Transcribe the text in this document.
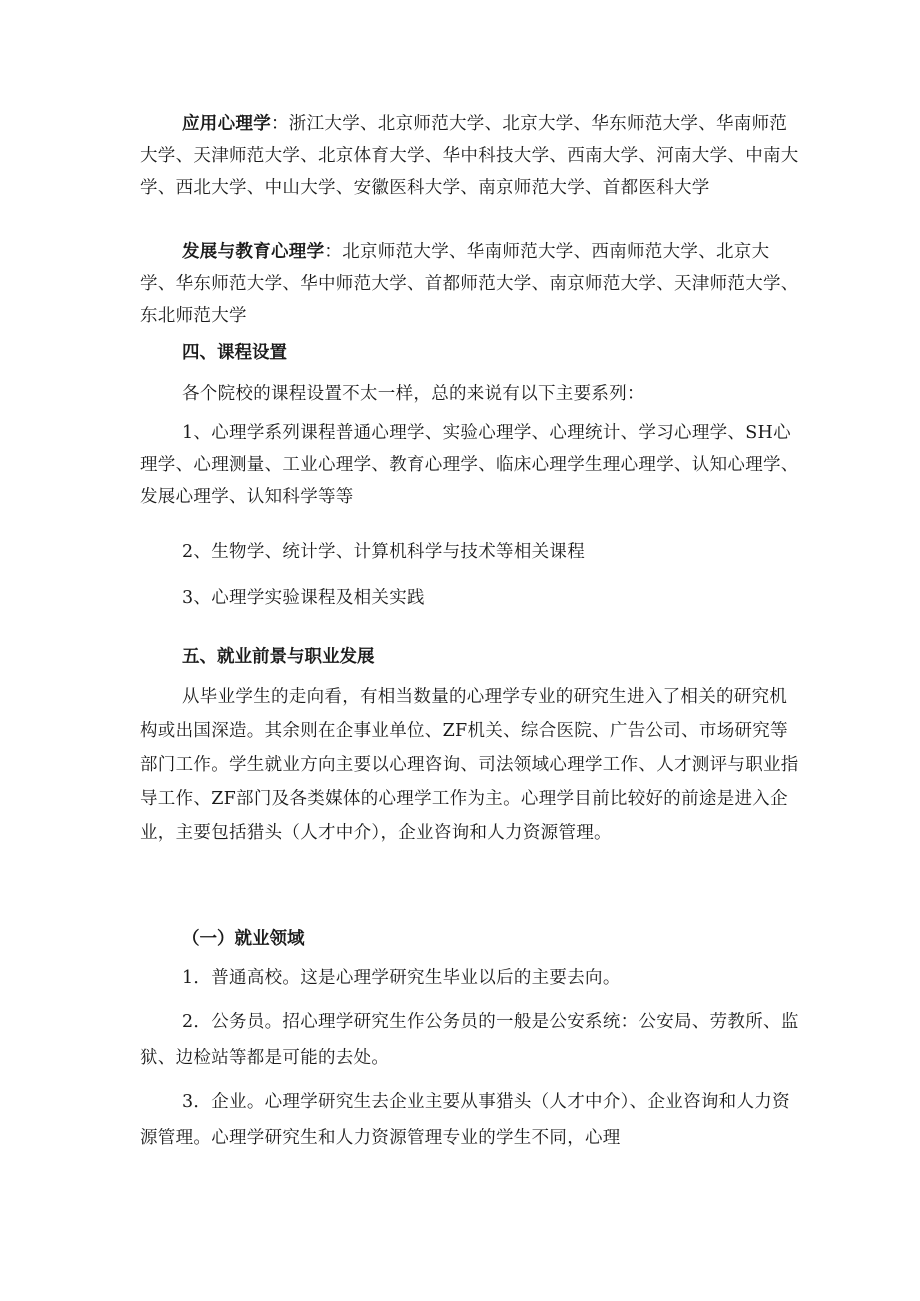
应用心理学：浙江大学、北京师范大学、北京大学、华东师范大学、华南师范大学、天津师范大学、北京体育大学、华中科技大学、西南大学、河南大学、中南大学、西北大学、中山大学、安徽医科大学、南京师范大学、首都医科大学

发展与教育心理学：北京师范大学、华南师范大学、西南师范大学、北京大学、华东师范大学、华中师范大学、首都师范大学、南京师范大学、天津师范大学、东北师范大学

四、课程设置
各个院校的课程设置不太一样，总的来说有以下主要系列：

1、心理学系列课程普通心理学、实验心理学、心理统计、学习心理学、SH心理学、心理测量、工业心理学、教育心理学、临床心理学生理心理学、认知心理学、发展心理学、认知科学等等

2、生物学、统计学、计算机科学与技术等相关课程
3、心理学实验课程及相关实践
五、就业前景与职业发展

从毕业学生的走向看，有相当数量的心理学专业的研究生进入了相关的研究机构或出国深造。其余则在企事业单位、ZF机关、综合医院、广告公司、市场研究等部门工作。学生就业方向主要以心理咨询、司法领域心理学工作、人才测评与职业指导工作、ZF部门及各类媒体的心理学工作为主。心理学目前比较好的前途是进入企业，主要包括猎头（人才中介），企业咨询和人力资源管理。

（一）就业领域
1．普通高校。这是心理学研究生毕业以后的主要去向。

2．公务员。招心理学研究生作公务员的一般是公安系统：公安局、劳教所、监狱、边检站等都是可能的去处。

3．企业。心理学研究生去企业主要从事猎头（人才中介）、企业咨询和人力资源管理。心理学研究生和人力资源管理专业的学生不同，心理
